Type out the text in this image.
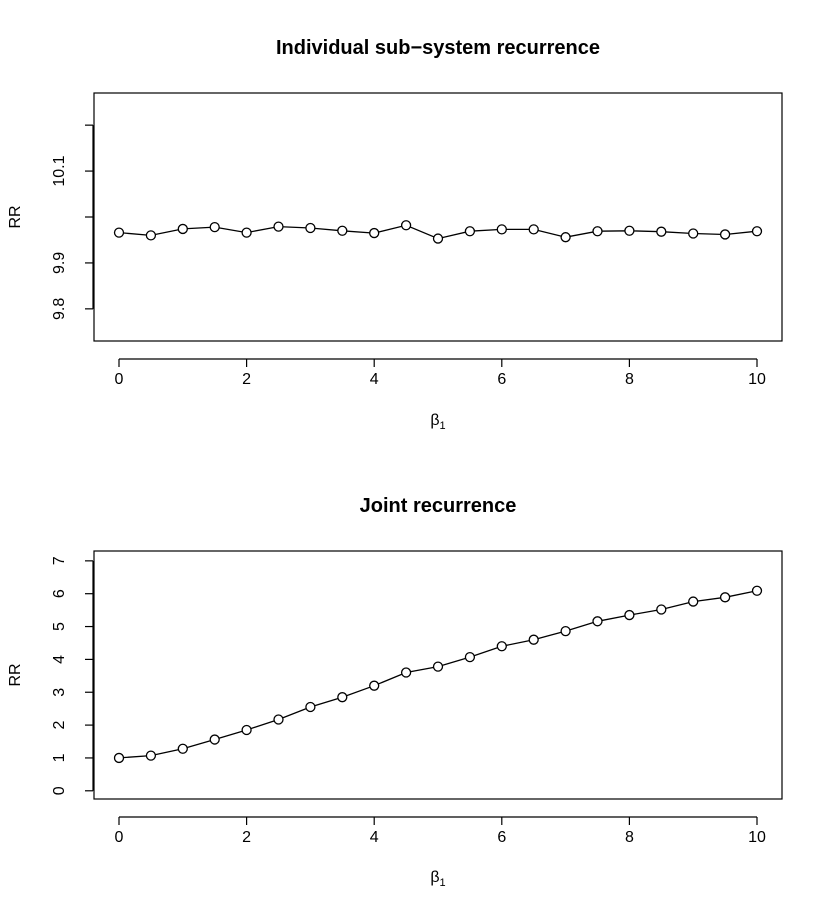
Individual sub−system recurrence
0	2	4	6	8	10
9.8
9.9
10.1
RR
$\beta_1$
Joint recurrence
0	2	4	6	8	10
0
1
2
3
4
5
6
7
RR
$\beta_1$
